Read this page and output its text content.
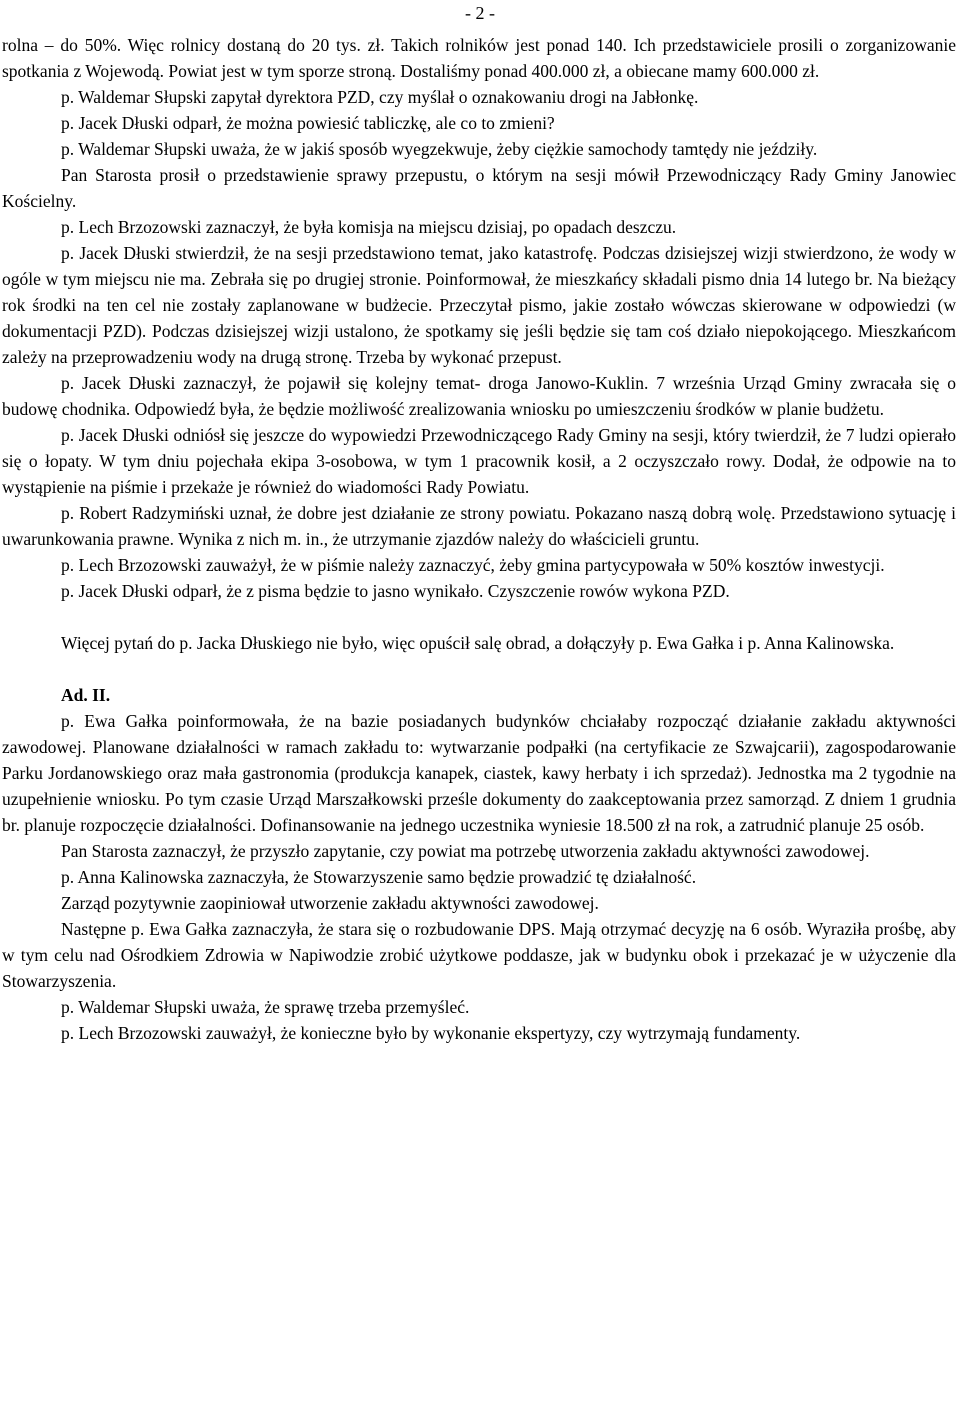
- 2 -

rolna – do 50%. Więc rolnicy dostaną do 20 tys. zł. Takich rolników jest ponad 140. Ich przedstawiciele prosili o zorganizowanie spotkania z Wojewodą. Powiat jest w tym sporze stroną. Dostaliśmy ponad 400.000 zł, a obiecane mamy 600.000 zł.

p. Waldemar Słupski zapytał dyrektora PZD, czy myślał o oznakowaniu drogi na Jabłonkę.

p. Jacek Dłuski odparł, że można powiesić tabliczkę, ale co to zmieni?

p. Waldemar Słupski uważa, że w jakiś sposób wyegzekwuje, żeby ciężkie samochody tamtędy nie jeździły.

Pan Starosta prosił o przedstawienie sprawy przepustu, o którym na sesji mówił Przewodniczący Rady Gminy Janowiec Kościelny.

p. Lech Brzozowski zaznaczył, że była komisja na miejscu dzisiaj, po opadach deszczu.

p. Jacek Dłuski stwierdził, że na sesji przedstawiono temat, jako katastrofę. Podczas dzisiejszej wizji stwierdzono, że wody w ogóle w tym miejscu nie ma. Zebrała się po drugiej stronie. Poinformował, że mieszkańcy składali pismo dnia 14 lutego br. Na bieżący rok środki na ten cel nie zostały zaplanowane w budżecie. Przeczytał pismo, jakie zostało wówczas skierowane w odpowiedzi (w dokumentacji PZD). Podczas dzisiejszej wizji ustalono, że spotkamy się jeśli będzie się tam coś działo niepokojącego. Mieszkańcom zależy na przeprowadzeniu wody na drugą stronę. Trzeba by wykonać przepust.

p. Jacek Dłuski zaznaczył, że pojawił się kolejny temat- droga Janowo-Kuklin. 7 września Urząd Gminy zwracała się o budowę chodnika. Odpowiedź była, że będzie możliwość zrealizowania wniosku po umieszczeniu środków w planie budżetu.

p. Jacek Dłuski odniósł się jeszcze do wypowiedzi Przewodniczącego Rady Gminy na sesji, który twierdził, że 7 ludzi opierało się o łopaty. W tym dniu pojechała ekipa 3-osobowa, w tym 1 pracownik kosił, a 2 oczyszczało rowy. Dodał, że odpowie na to wystąpienie na piśmie i przekaże je również do wiadomości Rady Powiatu.

p. Robert Radzymiński uznał, że dobre jest działanie ze strony powiatu. Pokazano naszą dobrą wolę. Przedstawiono sytuację i uwarunkowania prawne. Wynika z nich m. in., że utrzymanie zjazdów należy do właścicieli gruntu.

p. Lech Brzozowski zauważył, że w piśmie należy zaznaczyć, żeby gmina partycypowała w 50% kosztów inwestycji.

p. Jacek Dłuski odparł, że z pisma będzie to jasno wynikało. Czyszczenie rowów wykona PZD.

Więcej pytań do p. Jacka Dłuskiego nie było, więc opuścił salę obrad, a dołączyły p. Ewa Gałka i p. Anna Kalinowska.

Ad. II.

p. Ewa Gałka poinformowała, że na bazie posiadanych budynków chciałaby rozpocząć działanie zakładu aktywności zawodowej. Planowane działalności w ramach zakładu to: wytwarzanie podpałki (na certyfikacie ze Szwajcarii), zagospodarowanie Parku Jordanowskiego oraz mała gastronomia (produkcja kanapek, ciastek, kawy herbaty i ich sprzedaż). Jednostka ma 2 tygodnie na uzupełnienie wniosku. Po tym czasie Urząd Marszałkowski prześle dokumenty do zaakceptowania przez samorząd. Z dniem 1 grudnia br. planuje rozpoczęcie działalności. Dofinansowanie na jednego uczestnika wyniesie 18.500 zł na rok, a zatrudnić planuje 25 osób.

Pan Starosta zaznaczył, że przyszło zapytanie, czy powiat ma potrzebę utworzenia zakładu aktywności zawodowej.

p. Anna Kalinowska zaznaczyła, że Stowarzyszenie samo będzie prowadzić tę działalność.

Zarząd pozytywnie zaopiniował utworzenie zakładu aktywności zawodowej.

Następne p. Ewa Gałka zaznaczyła, że stara się o rozbudowanie DPS. Mają otrzymać decyzję na 6 osób. Wyraziła prośbę, aby w tym celu nad Ośrodkiem Zdrowia w Napiwodzie zrobić użytkowe poddasze, jak w budynku obok i przekazać je w użyczenie dla Stowarzyszenia.

p. Waldemar Słupski uważa, że sprawę trzeba przemyśleć.

p. Lech Brzozowski zauważył, że konieczne było by wykonanie ekspertyzy, czy wytrzymają fundamenty.
